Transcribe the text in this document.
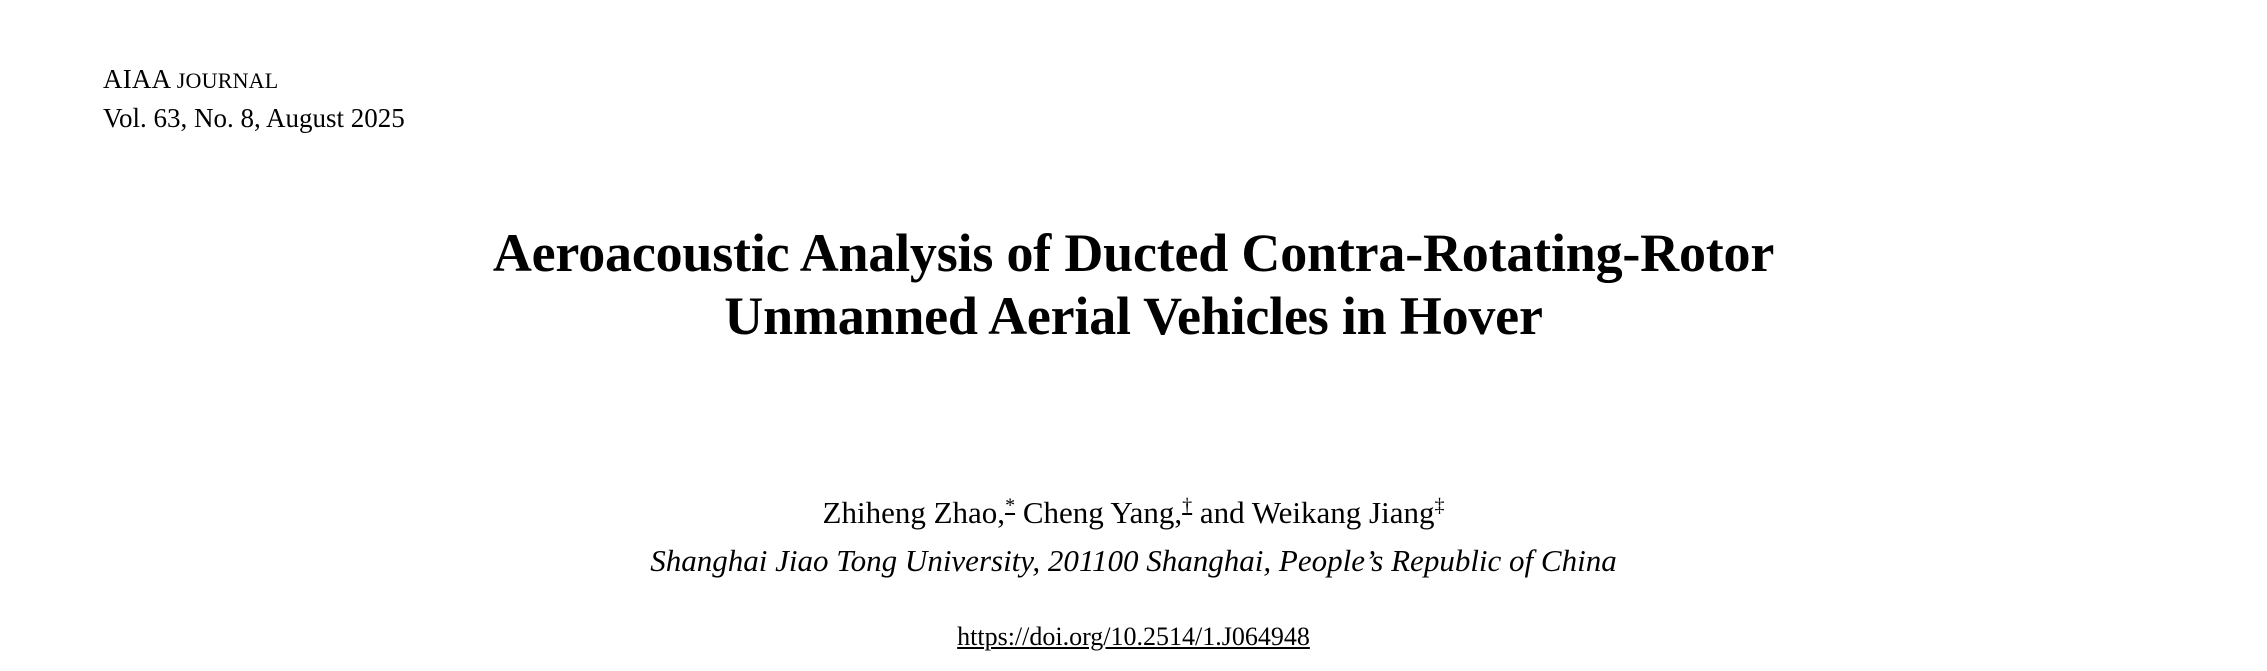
AIAA JOURNAL
Vol. 63, No. 8, August 2025
Aeroacoustic Analysis of Ducted Contra-Rotating-Rotor
Unmanned Aerial Vehicles in Hover

Zhiheng Zhao,* Cheng Yang,† and Weikang Jiang‡

Shanghai Jiao Tong University, 201100 Shanghai, People’s Republic of China

https://doi.org/10.2514/1.J064948
